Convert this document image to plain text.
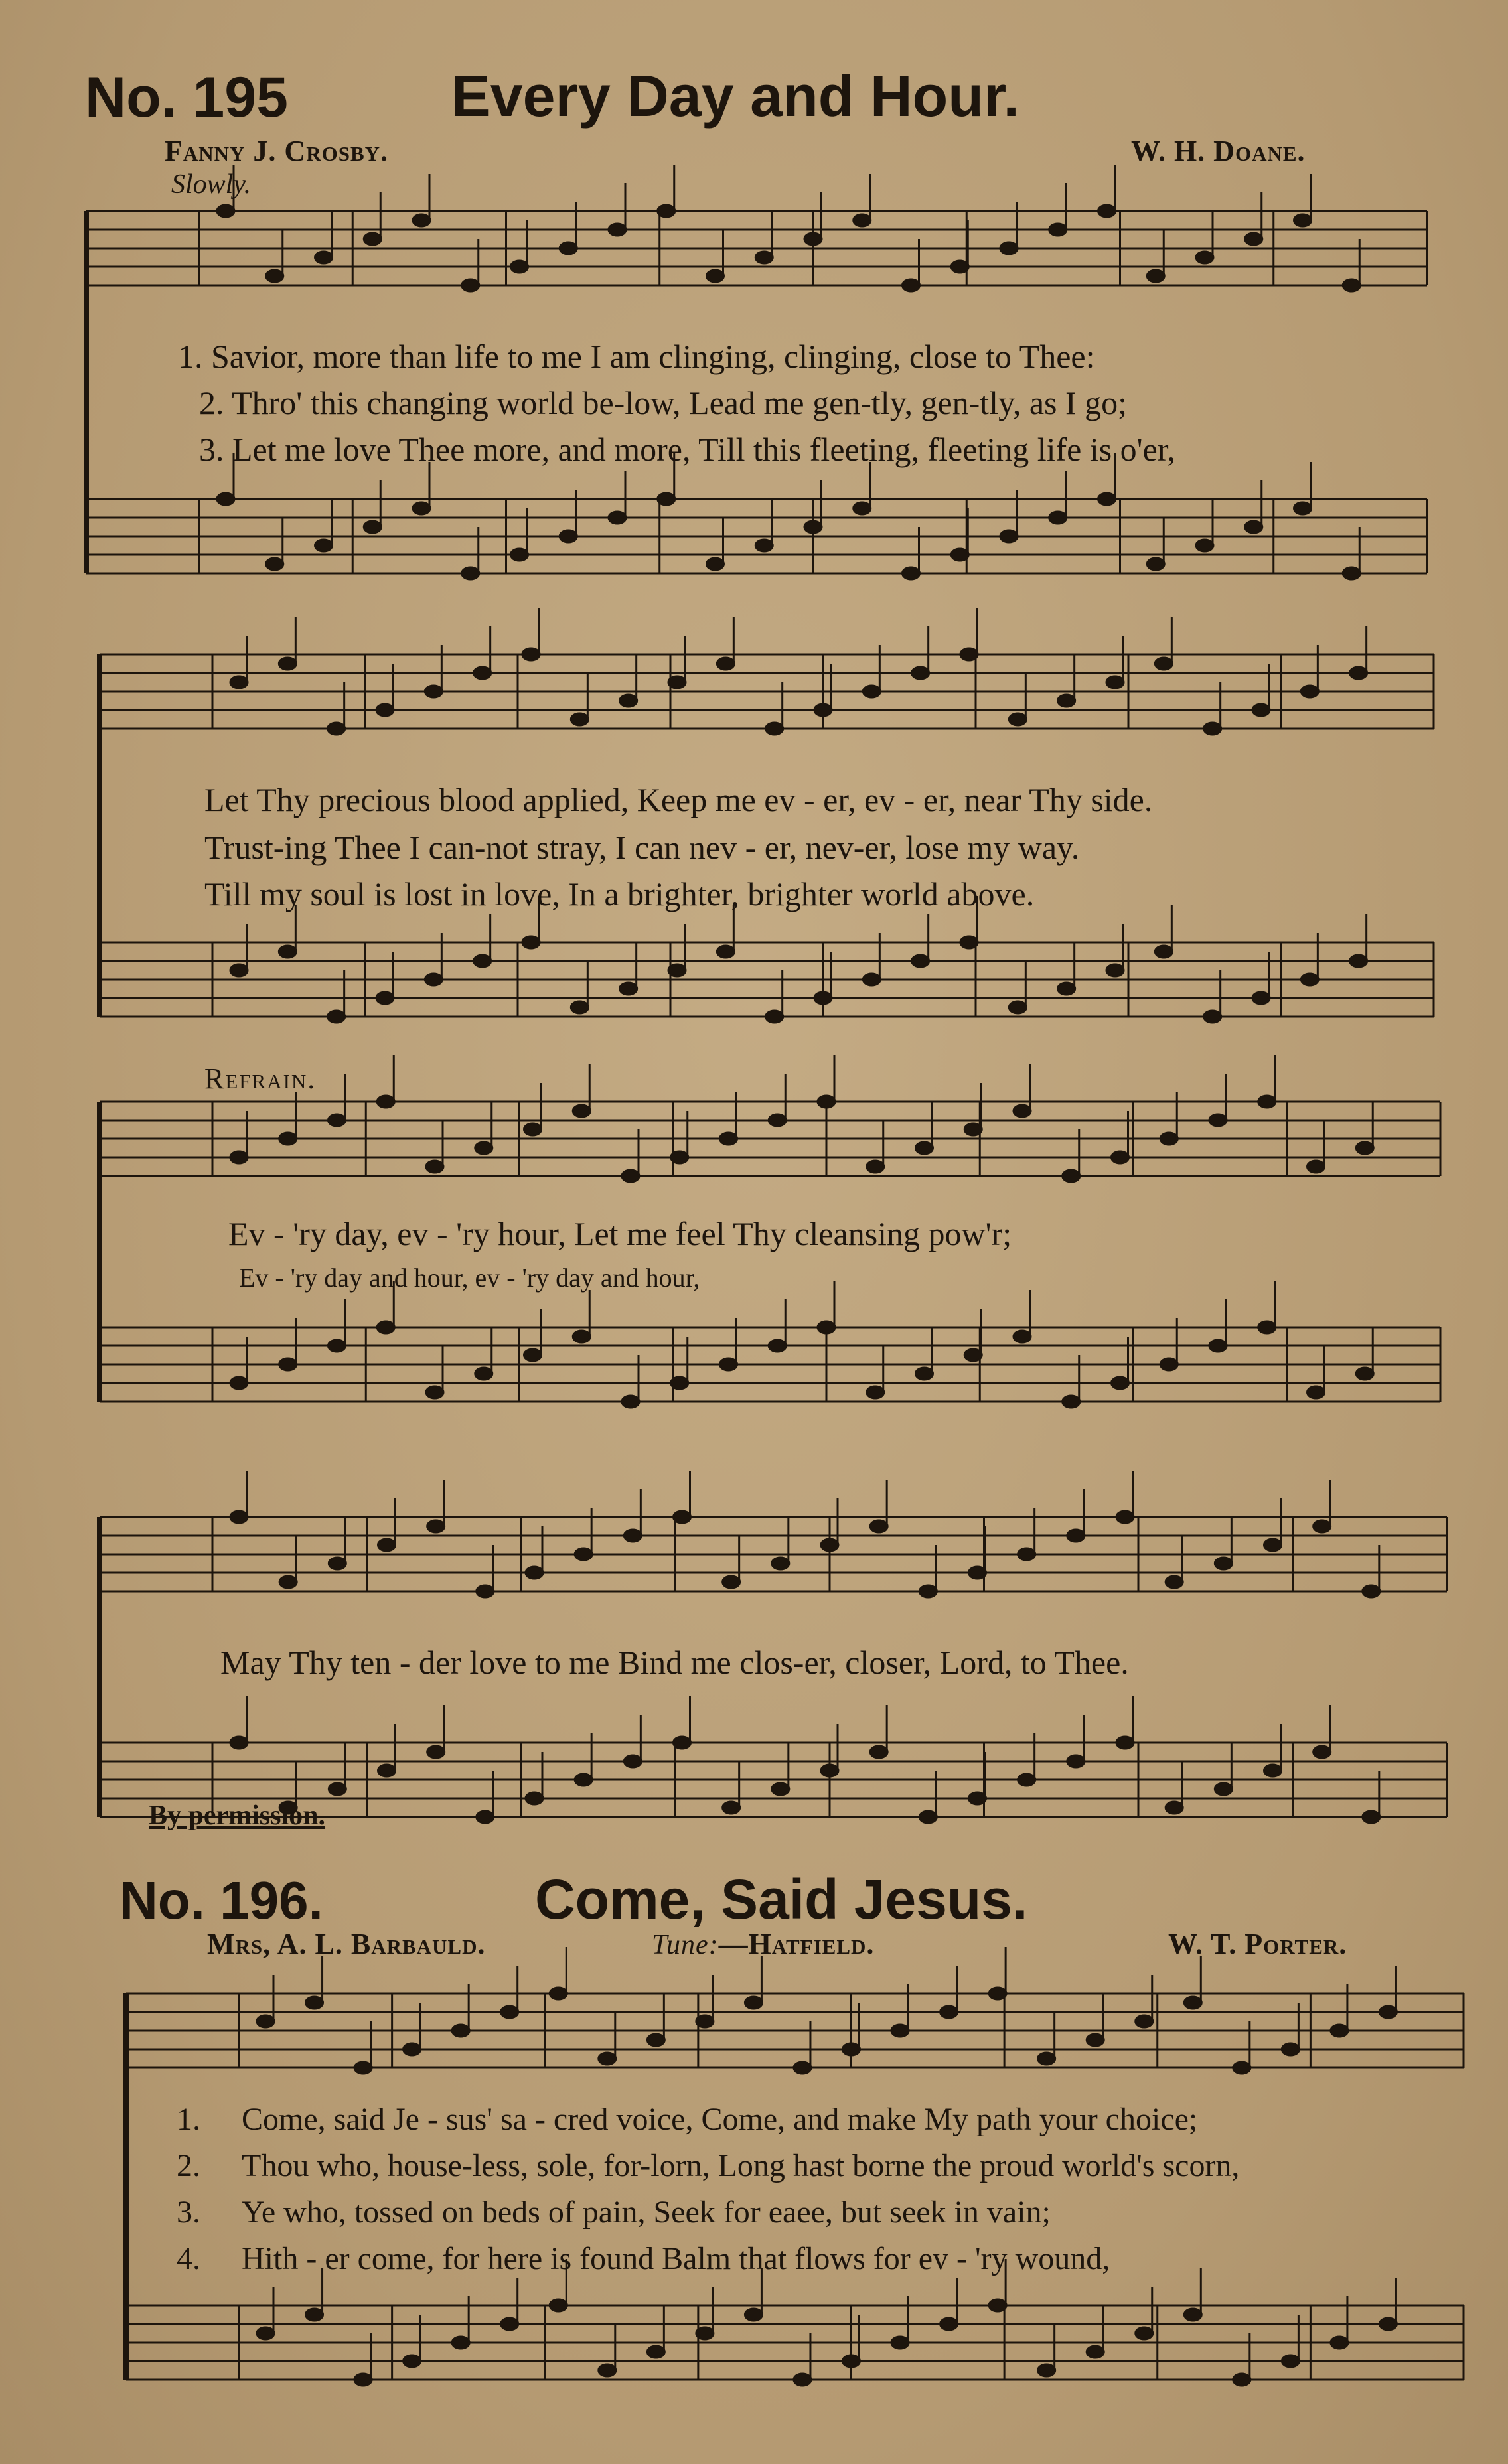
No. 195	Every Day and Hour.
Fanny J. Crosby.	W. H. Doane.
Slowly.
1. Savior, more than life to me I am clinging, clinging, close to Thee:
2. Thro' this changing world be-low, Lead me gen-tly, gen-tly, as I go;
3. Let me love Thee more, and more, Till this fleeting, fleeting life is o'er,
Let Thy precious blood applied, Keep me ev - er, ev - er, near Thy side.
Trust-ing Thee I can-not stray, I can nev - er, nev-er, lose my way.
Till my soul is lost in love, In a brighter, brighter world above.
Refrain.
Ev - 'ry day, ev - 'ry hour, Let me feel Thy cleansing pow'r;
Ev - 'ry day and hour, ev - 'ry day and hour,
May Thy ten - der love to me Bind me clos-er, closer, Lord, to Thee.
By permission.
No. 196.	Come, Said Jesus.
Mrs, A. L. Barbauld.	Tune:—Hatfield.	W. T. Porter.
1. Come, said Je - sus' sa - cred voice, Come, and make My path your choice;
2. Thou who, house-less, sole, for-lorn, Long hast borne the proud world's scorn,
3. Ye who, tossed on beds of pain, Seek for eaee, but seek in vain;
4. Hith - er come, for here is found Balm that flows for ev - 'ry wound,
